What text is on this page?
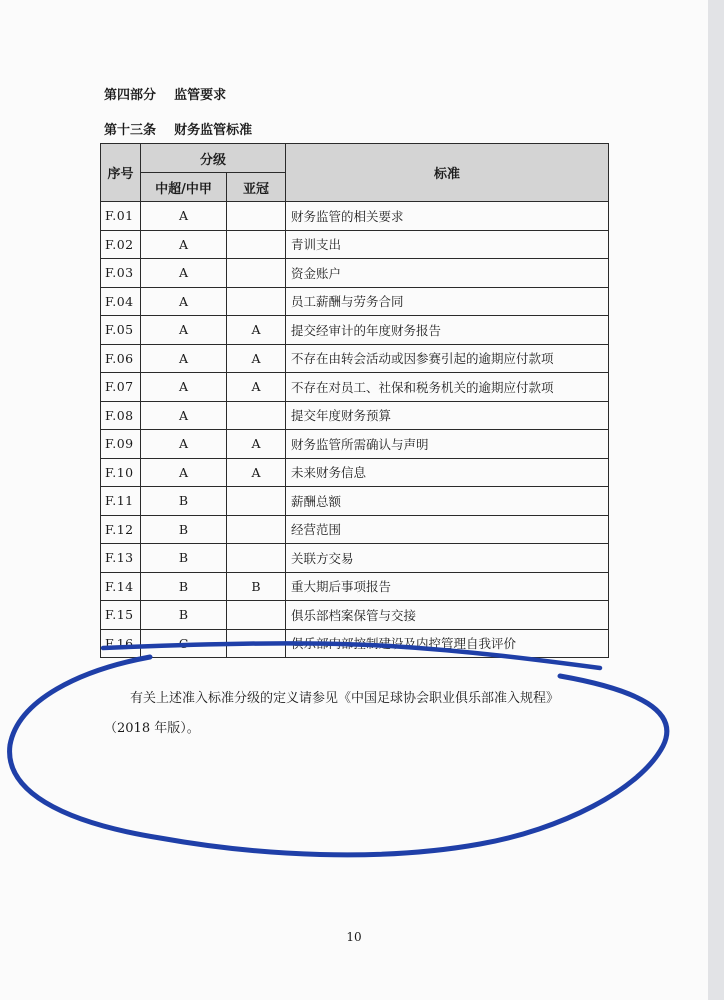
第四部分    监管要求
第十三条    财务监管标准
序号	分级		标准
	中超/中甲	亚冠	
F.01	A		财务监管的相关要求
F.02	A		青训支出
F.03	A		资金账户
F.04	A		员工薪酬与劳务合同
F.05	A	A	提交经审计的年度财务报告
F.06	A	A	不存在由转会活动或因参赛引起的逾期应付款项
F.07	A	A	不存在对员工、社保和税务机关的逾期应付款项
F.08	A		提交年度财务预算
F.09	A	A	财务监管所需确认与声明
F.10	A	A	未来财务信息
F.11	B		薪酬总额
F.12	B		经营范围
F.13	B		关联方交易
F.14	B	B	重大期后事项报告
F.15	B		俱乐部档案保管与交接
F.16	C		俱乐部内部控制建设及内控管理自我评价
有关上述准入标准分级的定义请参见《中国足球协会职业俱乐部准入规程》（2018 年版）。
10
